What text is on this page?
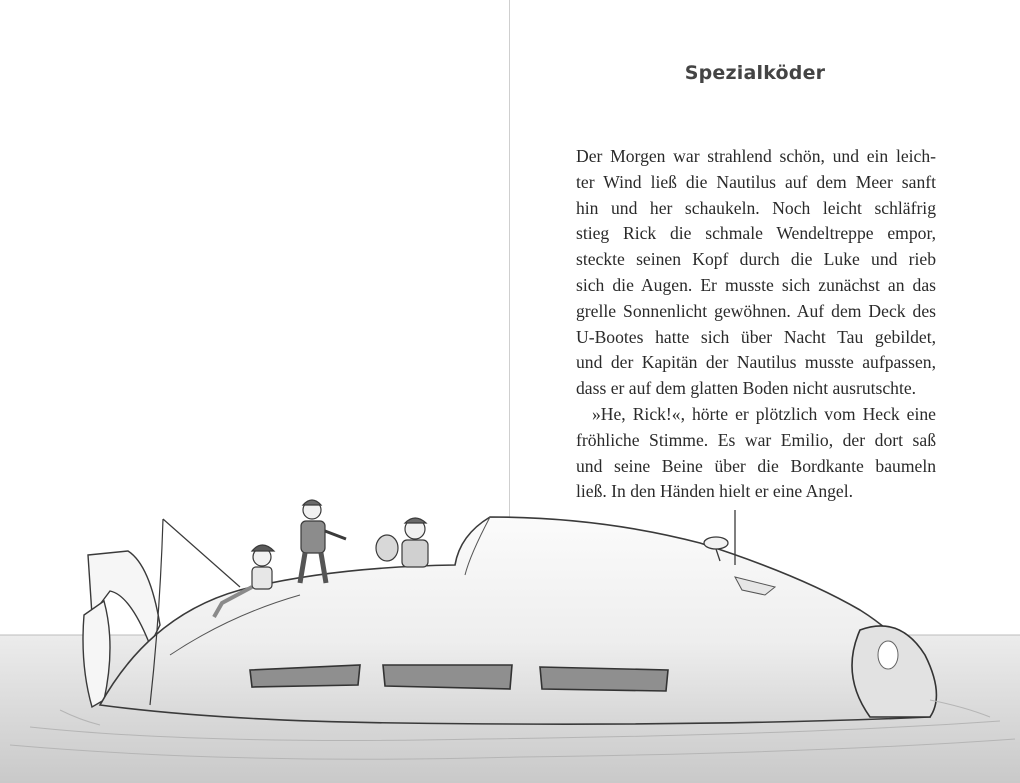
Spezialköder

Der Morgen war strahlend schön, und ein leich-
ter Wind ließ die Nautilus auf dem Meer sanft
hin und her schaukeln. Noch leicht schläfrig
stieg Rick die schmale Wendeltreppe empor,
steckte seinen Kopf durch die Luke und rieb
sich die Augen. Er musste sich zunächst an das
grelle Sonnenlicht gewöhnen. Auf dem Deck des
U-Bootes hatte sich über Nacht Tau gebildet,
und der Kapitän der Nautilus musste aufpassen,
dass er auf dem glatten Boden nicht ausrutschte.

»He, Rick!«, hörte er plötzlich vom Heck eine
fröhliche Stimme. Es war Emilio, der dort saß
und seine Beine über die Bordkante baumeln
ließ. In den Händen hielt er eine Angel.
